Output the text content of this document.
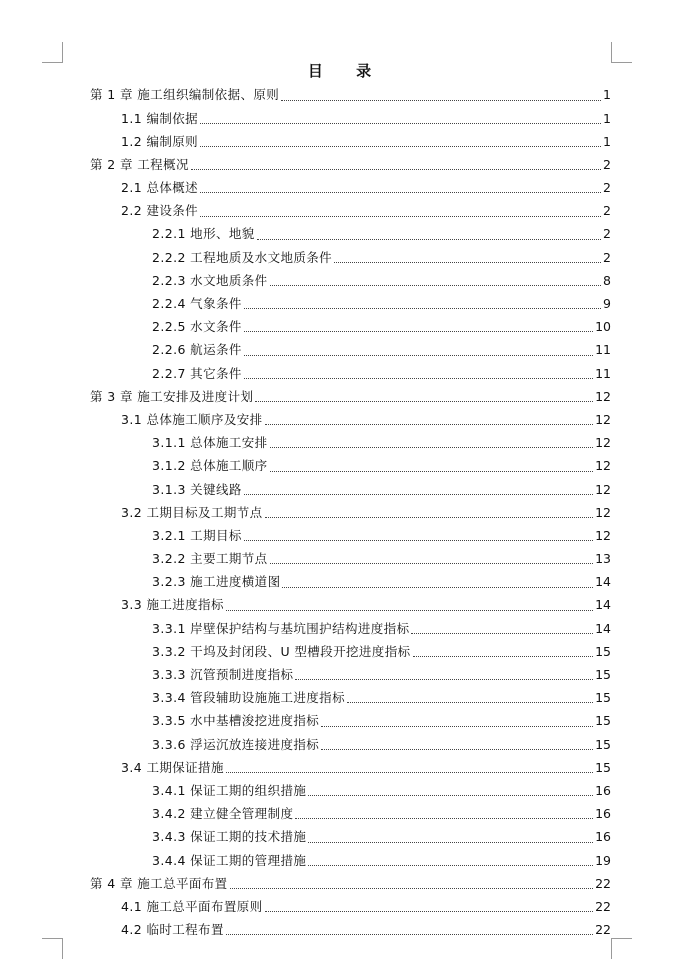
目 录
第 1 章 施工组织编制依据、原则	1
1.1 编制依据	1
1.2 编制原则	1
第 2 章 工程概况	2
2.1 总体概述	2
2.2 建设条件	2
2.2.1 地形、地貌	2
2.2.2 工程地质及水文地质条件	2
2.2.3 水文地质条件	8
2.2.4 气象条件	9
2.2.5 水文条件	10
2.2.6 航运条件	11
2.2.7 其它条件	11
第 3 章 施工安排及进度计划	12
3.1 总体施工顺序及安排	12
3.1.1 总体施工安排	12
3.1.2 总体施工顺序	12
3.1.3 关键线路	12
3.2 工期目标及工期节点	12
3.2.1 工期目标	12
3.2.2 主要工期节点	13
3.2.3 施工进度横道图	14
3.3 施工进度指标	14
3.3.1 岸壁保护结构与基坑围护结构进度指标	14
3.3.2 干坞及封闭段、U 型槽段开挖进度指标	15
3.3.3 沉管预制进度指标	15
3.3.4 管段辅助设施施工进度指标	15
3.3.5 水中基槽浚挖进度指标	15
3.3.6 浮运沉放连接进度指标	15
3.4 工期保证措施	15
3.4.1 保证工期的组织措施	16
3.4.2 建立健全管理制度	16
3.4.3 保证工期的技术措施	16
3.4.4 保证工期的管理措施	19
第 4 章 施工总平面布置	22
4.1 施工总平面布置原则	22
4.2 临时工程布置	22
